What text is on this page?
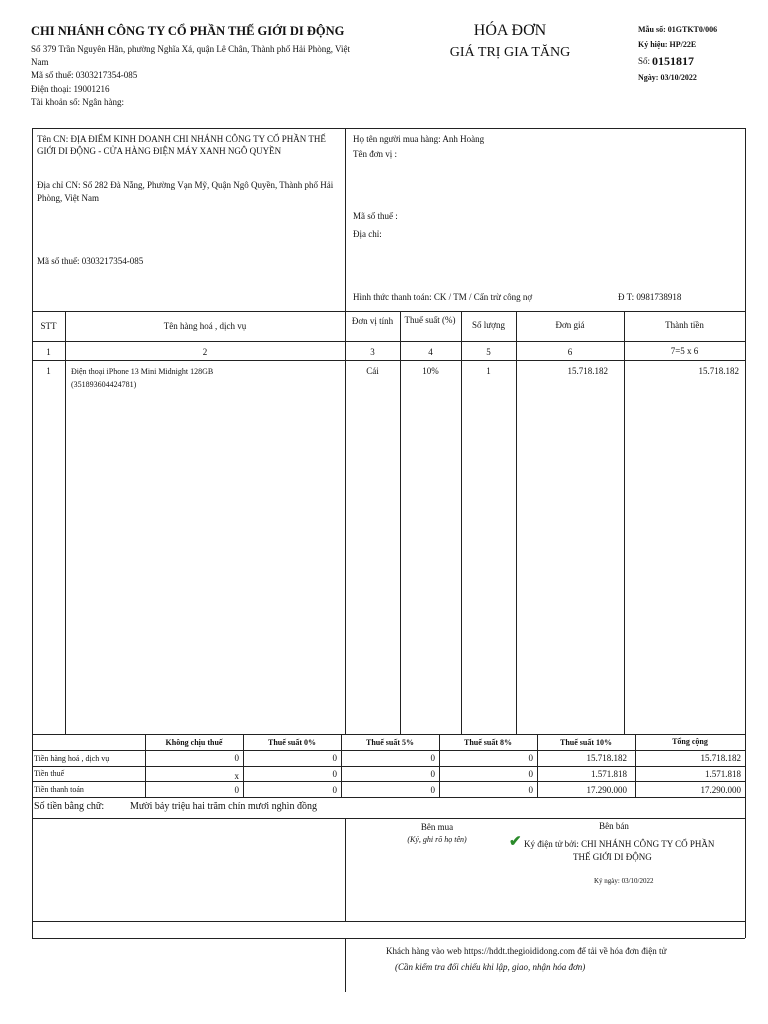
CHI NHÁNH CÔNG TY CỔ PHẦN THẾ GIỚI DI ĐỘNG
Số 379 Trần Nguyên Hãn, phường Nghĩa Xá, quận Lê Chân, Thành phố Hải Phòng, Việt Nam
Mã số thuế: 0303217354-085
Điện thoại: 19001216
Tài khoản số: Ngân hàng:
HÓA ĐƠN
GIÁ TRỊ GIA TĂNG
Mẫu số: 01GTKT0/006
Ký hiệu: HP/22E
Số: 0151817
Ngày: 03/10/2022
Tên CN: ĐỊA ĐIỂM KINH DOANH CHI NHÁNH CÔNG TY CỔ PHẦN THẾ GIỚI DI ĐỘNG - CỬA HÀNG ĐIỆN MÁY XANH NGÔ QUYỀN
Địa chỉ CN: Số 282 Đà Nẵng, Phường Vạn Mỹ, Quận Ngô Quyền, Thành phố Hải Phòng, Việt Nam
Mã số thuế: 0303217354-085
Họ tên người mua hàng: Anh Hoàng
Tên đơn vị :
Mã số thuế :
Địa chỉ:
Hình thức thanh toán: CK / TM / Cấn trừ công nợ	Đ T: 0981738918
STT	Tên hàng hoá , dịch vụ	Đơn vị tính	Thuế suất (%)	Số lượng	Đơn giá	Thành tiền
1	2	3	4	5	6	7=5 x 6
1	Điện thoại iPhone 13 Mini Midnight 128GB
(351893604424781)
Cái	10%	1	15.718.182	15.718.182
Không chịu thuế	Thuế suất 0%	Thuế suất 5%	Thuế suất 8%	Thuế suất 10%	Tổng cộng
Tiền hàng hoá , dịch vụ	0	0	0	0	15.718.182	15.718.182
Tiền thuế	x	0	0	0	1.571.818	1.571.818
Tiền thanh toán	0	0	0	0	17.290.000	17.290.000
Số tiền bằng chữ:	Mười bảy triệu hai trăm chín mươi nghìn đồng
Bên mua
(Ký, ghi rõ họ tên)
Bên bán
✔ Ký điện tử bởi: CHI NHÁNH CÔNG TY CỔ PHẦN
THẾ GIỚI DI ĐỘNG
Ký ngày: 03/10/2022
Khách hàng vào web https://hddt.thegioididong.com để tải về hóa đơn điện tử
(Cần kiểm tra đối chiếu khi lập, giao, nhận hóa đơn)
